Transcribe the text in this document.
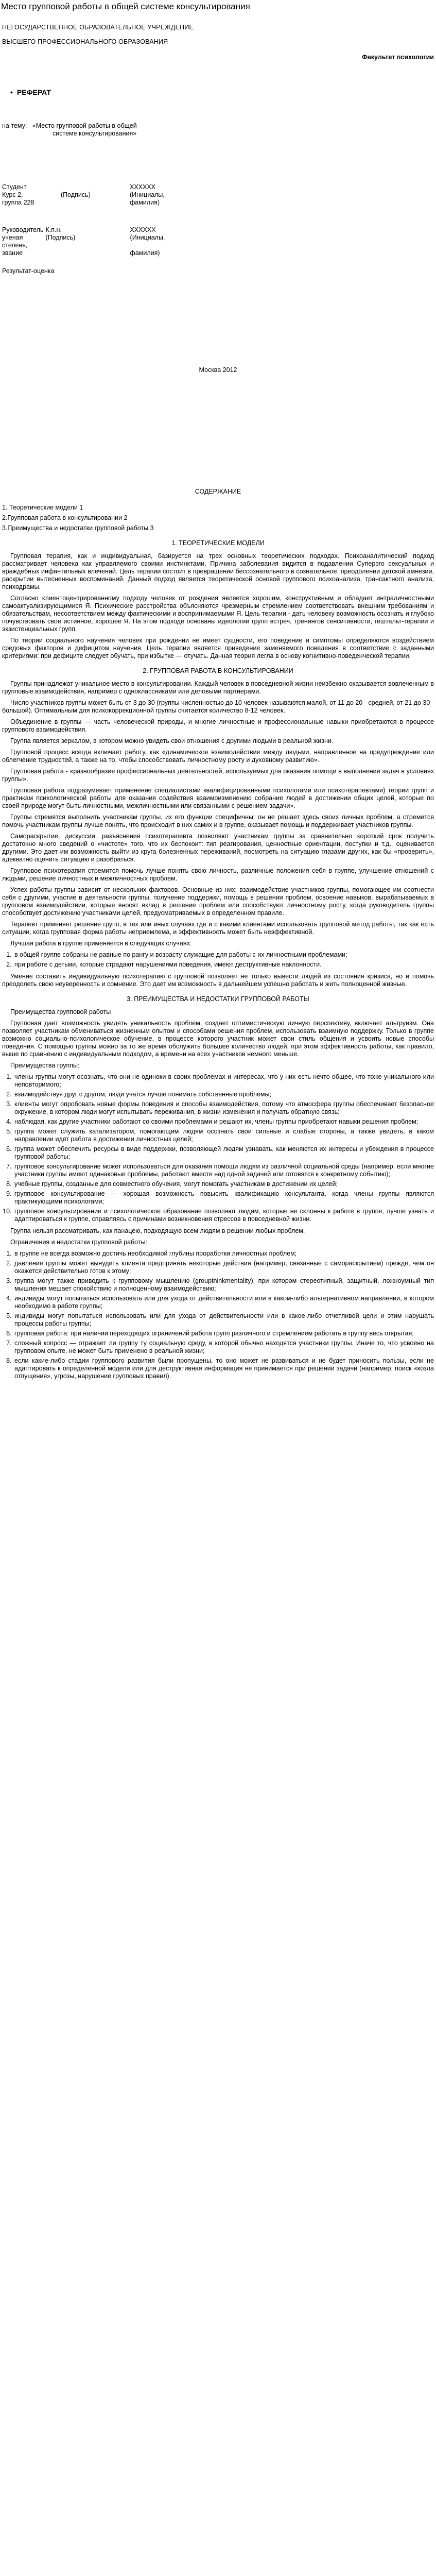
Место групповой работы в общей системе консультирования
НЕГОСУДАРСТВЕННОЕ ОБРАЗОВАТЕЛЬНОЕ УЧРЕЖДЕНИЕ
ВЫСШЕГО ПРОФЕССИОНАЛЬНОГО ОБРАЗОВАНИЯ
Факультет психологии
• РЕФЕРАТ
на тему: «Место групповой работы в общей
системе консультирования»
Студент		XXXXXX
Курс 2,	(Подпись)	(Инициалы,
группа 228		фамилия)
Руководитель	К.п.н.	XXXXXX
ученая степень,	(Подпись)	(Инициалы,
звание		фамилия)
Результат-оценка
Москва 2012
СОДЕРЖАНИЕ
1. Теоретические модели 1
2.Групповая работа в консультировании 2
3.Преимущества и недостатки групповой работы 3
1. ТЕОРЕТИЧЕСКИЕ МОДЕЛИ
Групповая терапия, как и индивидуальная, базируется на трех основных теоретических подходах. Психоаналитический подход рассматривает человека как управляемого своими инстинктами. Причина заболевания видится в подавлении Суперэго сексуальных и враждебных инфантильных влечений. Цель терапии состоит в превращении бессознательного в сознательное, преодолении детской амнезии, раскрытии вытесненных воспоминаний. Данный подход является теоретической основой группового психоанализа, трансактного анализа, психодрамы.
Согласно клиентоцентрированному подходу человек от рождения является хорошим, конструктивным и обладает интраличностными самоактуализирующимися Я. Психические расстройства объясняются чрезмерным стремлением соответствовать внешним требованиям и обязательствам, несоответствием между фактическими и воспринимаемыми Я. Цель терапии - дать человеку возможность осознать и глубоко почувствовать свое истинное, хорошее Я. На этом подходе основаны идеологии групп встреч, тренингов сенситивности, гештальт-терапии и экзистенциальных групп.
По теории социального научения человек при рождении не имеет сущности, его поведение и симптомы определяются воздействием средовых факторов и дефицитом научения. Цель терапии является приведение заменяемого поведения в соответствие с заданными критериями: при дефиците следует обучать, при избытке — отучать. Данная теория легла в основу когнитивно-поведенческой терапии.
2. ГРУППОВАЯ РАБОТА В КОНСУЛЬТИРОВАНИИ
Группы принадлежат уникальное место в консультировании. Каждый человек в повседневной жизни неизбежно оказывается вовлеченным в групповые взаимодействия, например с одноклассниками или деловыми партнерами.
Число участников группы может быть от 3 до 30 (группы численностью до 10 человек называются малой, от 11 до 20 - средней, от 21 до 30 - большой). Оптимальным для психокоррекционной группы считается количество 8-12 человек.
Объединение в группы — часть человеческой природы, и многие личностные и профессиональные навыки приобретаются в процессе группового взаимодействия.
Группа является зеркалом, в котором можно увидеть свои отношения с другими людьми в реальной жизни.
Групповой процесс всегда включает работу, как «динамическое взаимодействие между людьми, направленное на предупреждение или облегчение трудностей, а также на то, чтобы способствовать личностному росту и духовному развитию».
Групповая работа - «разнообразие профессиональных деятельностей, используемых для оказания помощи в выполнении задач в условиях группы».
Групповая работа подразумевает применение специалистами квалифицированными психологами или психотерапевтами) теории групп и практикам психологической работы для оказания содействия взаимоизменению собрание людей в достижении общих целей, которые по своей природе могут быть личностными, межличностными или связанными с решением задачи».
Группы стремятся выполнить участникам группы, их его функции специфичны: он не решает здесь своих личных проблем, а стремится помочь участникам группы лучше понять, что происходит в них самих и в группе, оказывает помощь и поддерживает участников группы.
Самораскрытие, дискуссии, разъяснения психотерапевта позволяют участникам группы за сравнительно короткий срок получить достаточно много сведений о «чистоте» того, что их беспокоит: тип реагирования, ценностные ориентации, поступки и т.д., оценивается другими. Это дает им возможность выйти из круга болезненных переживаний, посмотреть на ситуацию глазами других, как бы «проверить», адекватно оценить ситуацию и разобраться.
Групповое психотерапия стремится помочь лучше понять свою личность, различные положения себя в группе, улучшение отношений с людьми, решение личностных и межличностных проблем.
Успех работы группы зависит от нескольких факторов. Основные из них: взаимодействие участников группы, помогающее им соотнести себя с другими, участие в деятельности группы, получение поддержки, помощь в решении проблем, освоение навыков, вырабатываемых в групповом взаимодействии, которые вносят вклад в решение проблем или способствуют личностному росту, когда руководитель группы способствует достижению участниками целей, предусматриваемых в определенном правиле.
Терапевт применяет решение групп, в тех или иных случаях где и с какими клиентами использовать групповой метод работы, так как есть ситуации, когда групповая форма работы неприемлема, и эффективность может быть неэффективной.
Лучшая работа в группе применяется в следующих случаях:
1. в общей группе собраны не равные по рангу и возрасту служащие для работы с их личностными проблемами;
2. при работе с детьми, которые страдают нарушениями поведения, имеют деструктивные наклонности.
Умение составить индивидуальную психотерапию с групповой позволяет не только вывести людей из состояния кризиса, но и помочь преодолеть свою неуверенность и сомнение. Это дает им возможность в дальнейшем успешно работать и жить полноценной жизнью.
3. ПРЕИМУЩЕСТВА И НЕДОСТАТКИ ГРУППОВОЙ РАБОТЫ
Преимущества групповой работы
Групповая дает возможность увидеть уникальность проблем, создает оптимистическую личную перспективу, включает альтруизм. Она позволяет участникам обмениваться жизненным опытом и способами решения проблем, использовать взаимную поддержку. Только в группе возможно социально-психологическое обучение, в процессе которого участник может свои стиль общения и усвоить новые способы поведения. С помощью группы можно за то же время обслужить большее количество людей, при этом эффективность работы, как правило, выше по сравнению с индивидуальным подходом, а времени на всех участников немного меньше.
Преимущества группы:
1. члены группы могут осознать, что они не одиноки в своих проблемах и интересах, что у них есть нечто общее, что тоже уникального или неповторимого;
2. взаимодействуя друг с другом, люди учатся лучше понимать собственные проблемы;
3. клиенты могут опробовать новые формы поведения и способы взаимодействия, потому что атмосфера группы обеспечивает безопасное окружение, в котором люди могут испытывать переживания, в жизни изменения и получать обратную связь;
4. наблюдая, как другие участники работают со своими проблемами и решают их, члены группы приобретают навыки решения проблем;
5. группа может служить катализатором, помогающим людям осознать свои сильные и слабые стороны, а также увидеть, в каком направлении идет работа в достижении личностных целей;
6. группа может обеспечить ресурсы в виде поддержки, позволяющей людям узнавать, как меняются их интересы и убеждения в процессе групповой работы;
7. групповое консультирование может использоваться для оказания помощи людям из различной социальной среды (например, если многие участники группы имеют одинаковые проблемы, работают вместе над одной задачей или готовятся к конкретному событию);
8. учебные группы, созданные для совместного обучения, могут помогать участникам в достижении их целей;
9. групповое консультирование — хорошая возможность повысить квалификацию консультанта, когда члены группы являются практикующими психологами;
10. групповое консультирование и психологическое образование позволяют людям, которые не склонны к работе в группе, лучше узнать и адаптироваться к группе, справляясь с причинами возникновения стрессов в повседневной жизни.
Группа нельзя рассматривать, как панацею, подходящую всем людям в решении любых проблем.
Ограничения и недостатки групповой работы:
1. в группе не всегда возможно достичь необходимой глубины проработки личностных проблем;
2. давление группы может вынудить клиента предпринять некоторые действия (например, связанные с самораскрытием) прежде, чем он окажется действительно готов к этому;
3. группа могут также приводить к групповому мышлению (groupthinkmentality), при котором стереотипный, защитный, ложноумный тип мышления мешает спокойствию и полноценному взаимодействию;
4. индивиды могут попытаться использовать или для ухода от действительности или в каком-либо альтернативном направлении, в котором необходимо в работе группы;
5. индивиды могут попытаться использовать или для ухода от действительности или в какое-либо отчетливой цели и этим нарушать процессы работы группы;
6. групповая работа: при наличии переходящих ограничений работа групп различного и стремлением работать в группу весь открытая;
7. сложный копросс — отражает ли группу ту социальную среду, в которой обычно находятся участники группы. Иначе то, что усвоено на групповом опыте, не может быть применено в реальной жизни;
8. если какие-либо стадии группового развития были пропущены, то оно может не развиваться и не будет приносить пользы, если не адаптировать к определенной модели или для деструктивная информация не принимается при решении задачи (например, поиск «козла отпущения», угрозы, нарушение групповых правил).
